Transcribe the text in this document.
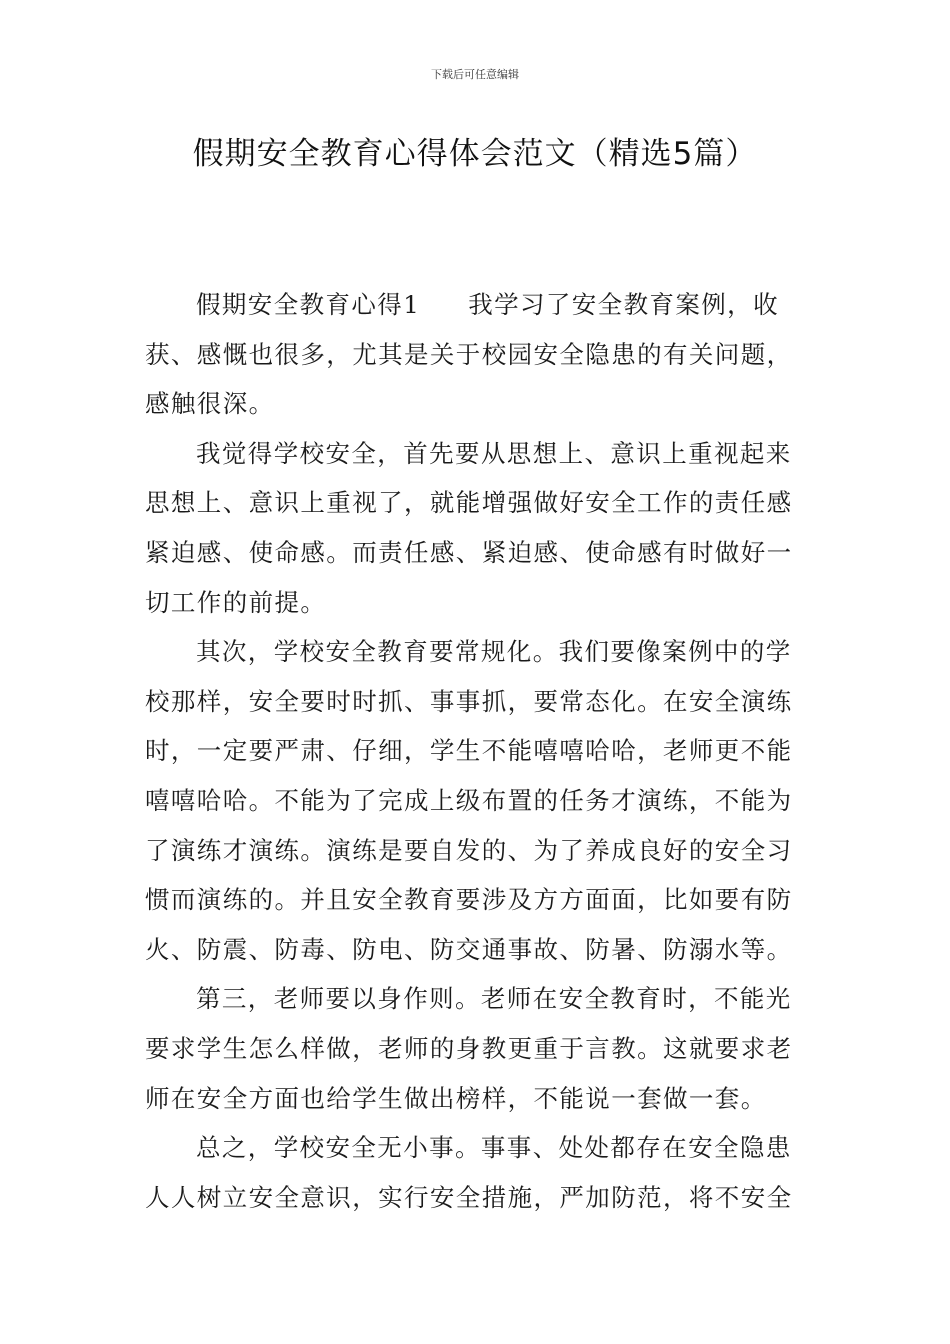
下载后可任意编辑
假期安全教育心得体会范文（精选5篇）

假期安全教育心得1 我学习了安全教育案例，收获、感慨也很多，尤其是关于校园安全隐患的有关问题，感触很深。

我觉得学校安全，首先要从思想上、意识上重视起来思想上、意识上重视了，就能增强做好安全工作的责任感紧迫感、使命感。而责任感、紧迫感、使命感有时做好一切工作的前提。

其次，学校安全教育要常规化。我们要像案例中的学校那样，安全要时时抓、事事抓，要常态化。在安全演练时，一定要严肃、仔细，学生不能嘻嘻哈哈，老师更不能嘻嘻哈哈。不能为了完成上级布置的任务才演练，不能为了演练才演练。演练是要自发的、为了养成良好的安全习惯而演练的。并且安全教育要涉及方方面面，比如要有防火、防震、防毒、防电、防交通事故、防暑、防溺水等。

第三，老师要以身作则。老师在安全教育时，不能光要求学生怎么样做，老师的身教更重于言教。这就要求老师在安全方面也给学生做出榜样，不能说一套做一套。

总之，学校安全无小事。事事、处处都存在安全隐患人人树立安全意识，实行安全措施，严加防范，将不安全
